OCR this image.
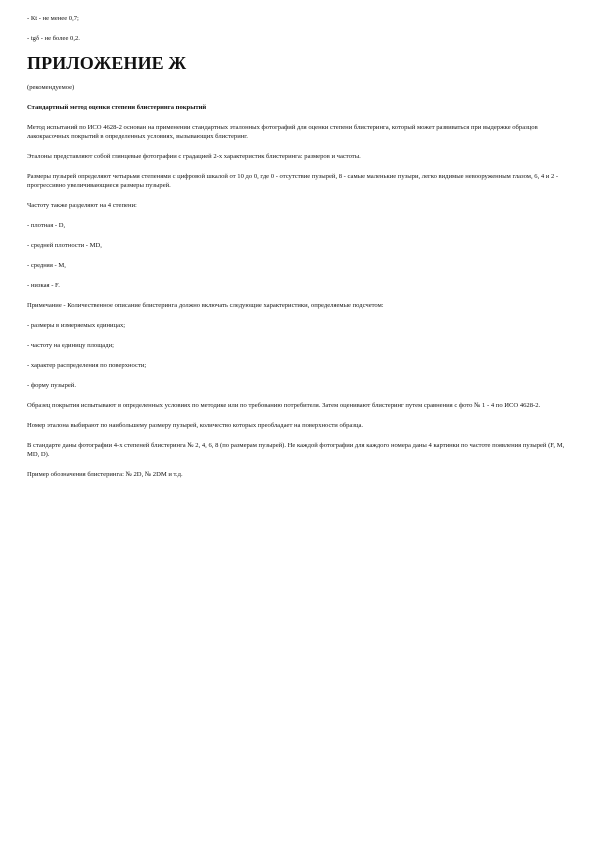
- Кt - не менее 0,7;

- tgδ - не более 0,2.

ПРИЛОЖЕНИЕ Ж

(рекомендуемое)

Стандартный метод оценки степени блистеринга покрытий

Метод испытаний по ИСО 4628-2 основан на применении стандартных эталонных фотографий для оценки степени блистеринга, который может развиваться при выдержке образцов лакокрасочных покрытий в определенных условиях, вызывающих блистеринг.

Эталоны представляют собой глянцевые фотографии с градацией 2-х характеристик блистеринга: размеров и частоты.

Размеры пузырей определяют четырьмя степенями с цифровой шкалой от 10 до 0, где 0 - отсутствие пузырей, 8 - самые маленькие пузыри, легко видимые невооруженным глазом, 6, 4 и 2 - прогрессивно увеличивающиеся размеры пузырей.

Частоту также разделяют на 4 степени:

- плотная - D,

- средней плотности - MD,

- средняя - M,

- низкая - F.

Примечание - Количественное описание блистеринга должно включать следующие характеристики, определяемые подсчетом:

- размеры в измеряемых единицах;

- частоту на единицу площади;

- характер распределения по поверхности;

- форму пузырей.

Образец покрытия испытывают в определенных условиях по методике или по требованию потребителя. Затем оценивают блистеринг путем сравнения с фото № 1 - 4 по ИСО 4628-2.

Номер эталона выбирают по наибольшему размеру пузырей, количество которых преобладает на поверхности образца.

В стандарте даны фотографии 4-х степеней блистеринга № 2, 4, 6, 8 (по размерам пузырей). Не каждой фотографии для каждого номера даны 4 картинки по частоте появления пузырей (F, M, MD, D).

Пример обозначения блистеринга: № 2D, № 2DM и т.д.
